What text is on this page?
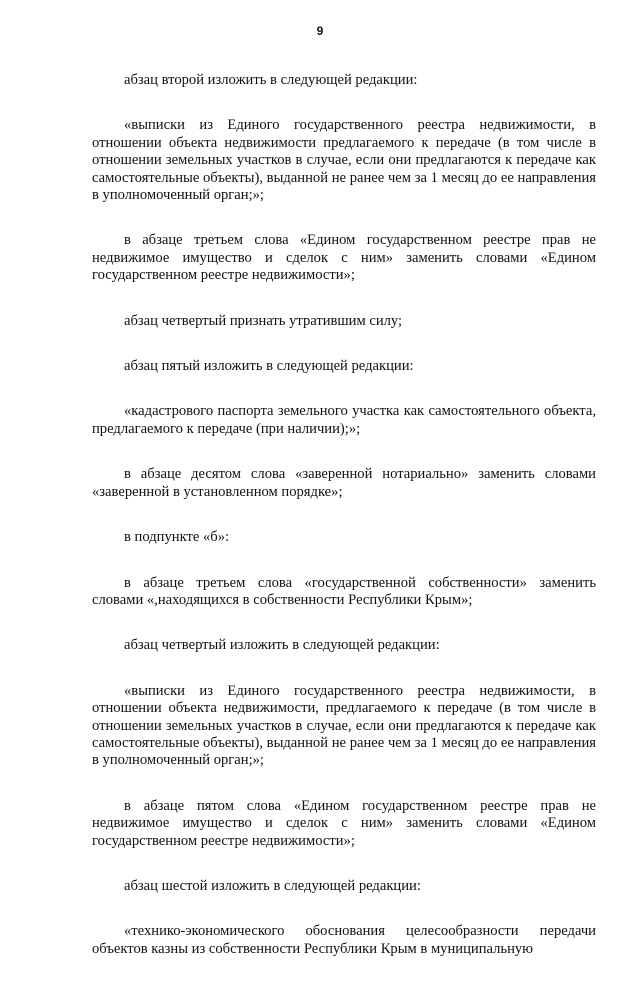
9

абзац второй изложить в следующей редакции:

«выписки из Единого государственного реестра недвижимости, в отношении объекта недвижимости предлагаемого к передаче (в том числе в отношении земельных участков в случае, если они предлагаются к передаче как самостоятельные объекты), выданной не ранее чем за 1 месяц до ее направления в уполномоченный орган;»;

в абзаце третьем слова «Едином государственном реестре прав не недвижимое имущество и сделок с ним» заменить словами «Едином государственном реестре недвижимости»;

абзац четвертый признать утратившим силу;

абзац пятый изложить в следующей редакции:

«кадастрового паспорта земельного участка как самостоятельного объекта, предлагаемого к передаче (при наличии);»;

в абзаце десятом слова «заверенной нотариально» заменить словами «заверенной в установленном порядке»;

в подпункте «б»:

в абзаце третьем слова «государственной собственности» заменить словами «,находящихся в собственности Республики Крым»;

абзац четвертый изложить в следующей редакции:

«выписки из Единого государственного реестра недвижимости, в отношении объекта недвижимости, предлагаемого к передаче (в том числе в отношении земельных участков в случае, если они предлагаются к передаче как самостоятельные объекты), выданной не ранее чем за 1 месяц до ее направления в уполномоченный орган;»;

в абзаце пятом слова «Едином государственном реестре прав не недвижимое имущество и сделок с ним» заменить словами «Едином государственном реестре недвижимости»;

абзац шестой изложить в следующей редакции:

«технико-экономического обоснования целесообразности передачи объектов казны из собственности Республики Крым в муниципальную
